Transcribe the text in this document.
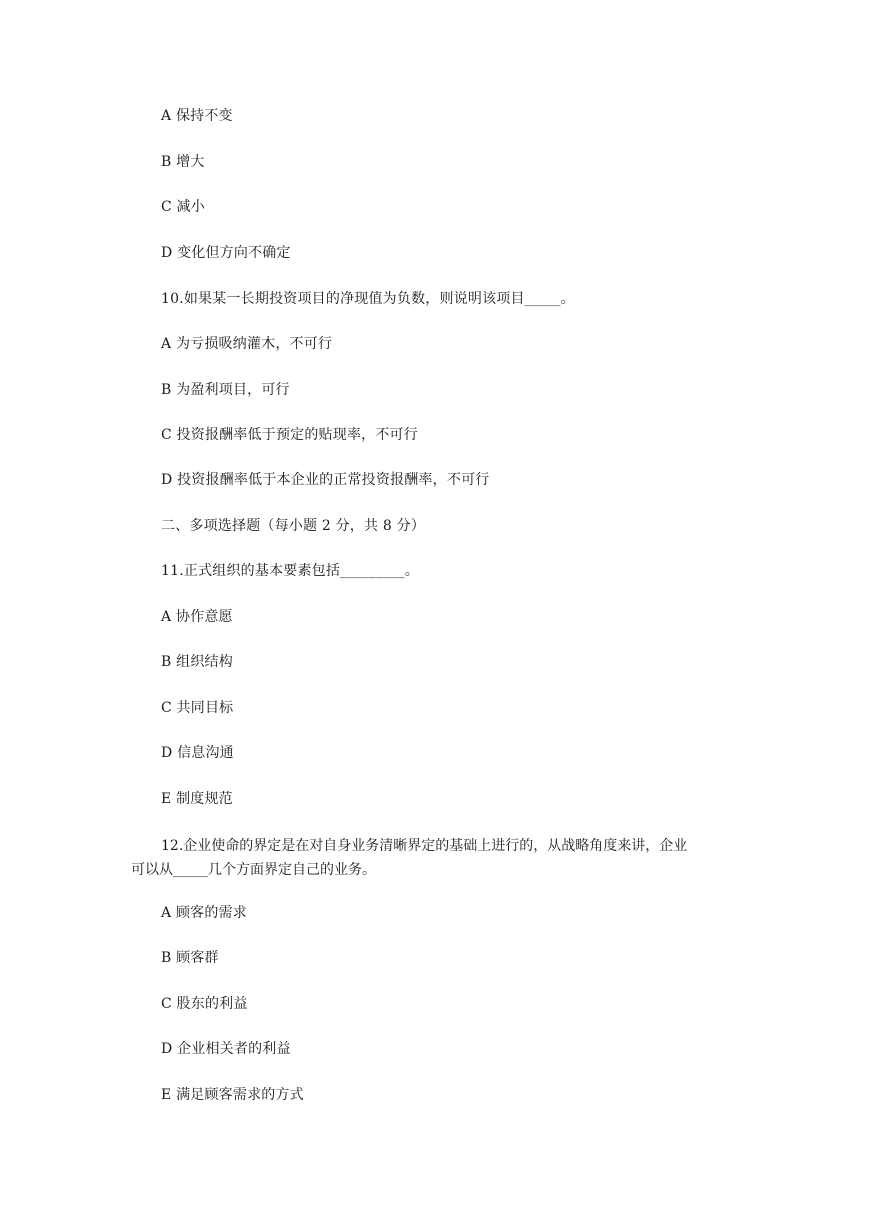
A 保持不变
B 增大
C 减小
D 变化但方向不确定
10.如果某一长期投资项目的净现值为负数，则说明该项目_____。
A 为亏损吸纳灌木，不可行
B 为盈利项目，可行
C 投资报酬率低于预定的贴现率，不可行
D 投资报酬率低于本企业的正常投资报酬率，不可行
二、多项选择题（每小题 2 分，共 8 分）
11.正式组织的基本要素包括_________。
A 协作意愿
B 组织结构
C 共同目标
D 信息沟通
E 制度规范
12.企业使命的界定是在对自身业务清晰界定的基础上进行的，从战略角度来讲，企业
可以从_____几个方面界定自己的业务。
A 顾客的需求
B 顾客群
C 股东的利益
D 企业相关者的利益
E 满足顾客需求的方式
